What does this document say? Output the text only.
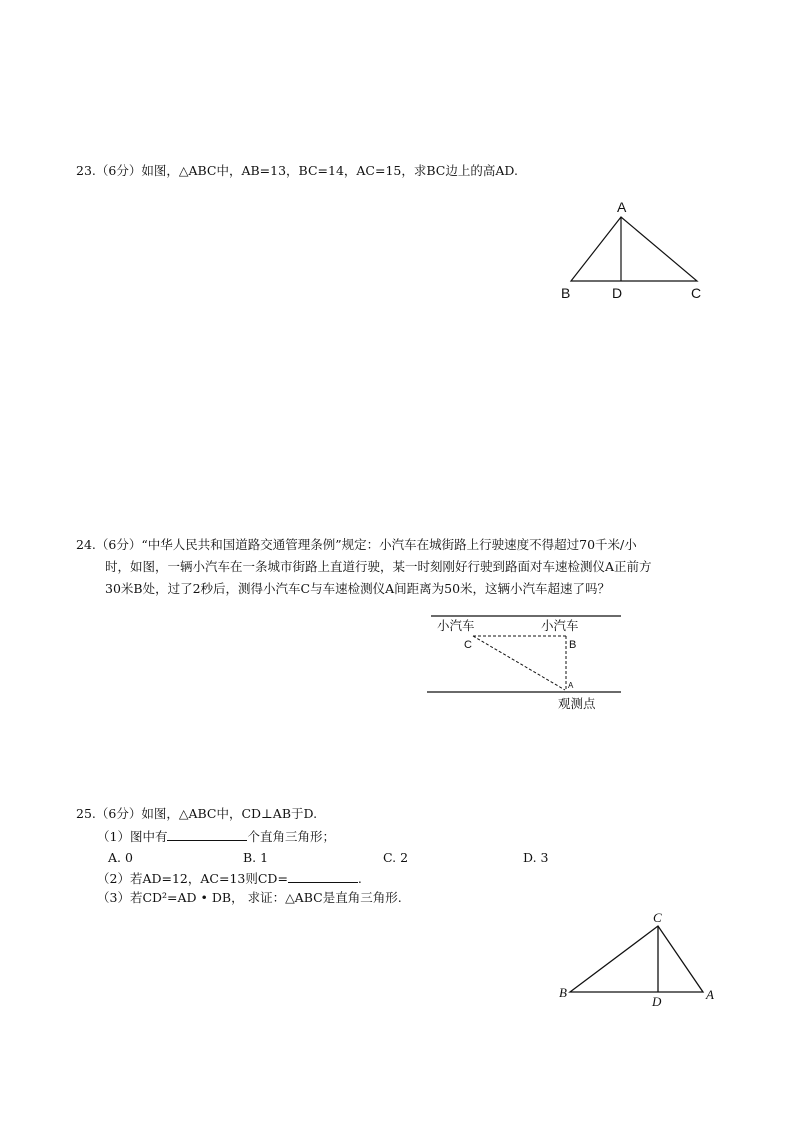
23.（6分）如图，△ABC中，AB=13，BC=14，AC=15，求BC边上的高AD.
A
B	D	C
24.（6分）“中华人民共和国道路交通管理条例”规定：小汽车在城街路上行驶速度不得超过70千米/小
时，如图，一辆小汽车在一条城市街路上直道行驶，某一时刻刚好行驶到路面对车速检测仪A正前方
30米B处，过了2秒后，测得小汽车C与车速检测仪A间距离为50米，这辆小汽车超速了吗？
小汽车	小汽车
C	B
A
观测点
25.（6分）如图，△ABC中，CD⊥AB于D.
（1）图中有	个直角三角形；
A. 0	B. 1	C. 2	D. 3
（2）若AD=12，AC=13则CD=	.
（3）若CD²=AD • DB， 求证：△ABC是直角三角形.
C
B
D	A
